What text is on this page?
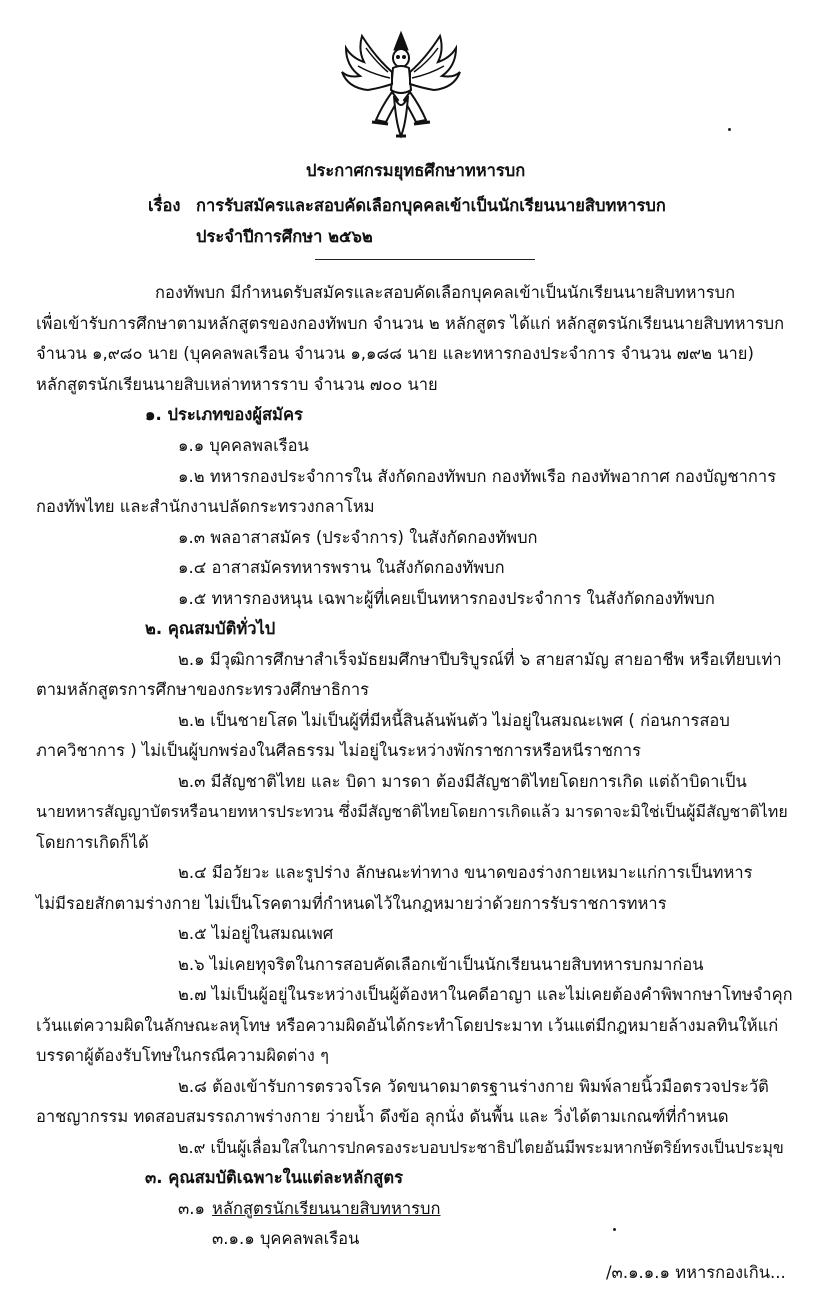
ประกาศกรมยุทธศึกษาทหารบก
เรื่อง การรับสมัครและสอบคัดเลือกบุคคลเข้าเป็นนักเรียนนายสิบทหารบก
ประจำปีการศึกษา ๒๕๖๒
กองทัพบก มีกำหนดรับสมัครและสอบคัดเลือกบุคคลเข้าเป็นนักเรียนนายสิบทหารบก
เพื่อเข้ารับการศึกษาตามหลักสูตรของกองทัพบก จำนวน ๒ หลักสูตร ได้แก่ หลักสูตรนักเรียนนายสิบทหารบก
จำนวน ๑,๙๘๐ นาย (บุคคลพลเรือน จำนวน ๑,๑๘๘ นาย และทหารกองประจำการ จำนวน ๗๙๒ นาย)
หลักสูตรนักเรียนนายสิบเหล่าทหารราบ จำนวน ๗๐๐ นาย
๑. ประเภทของผู้สมัคร
๑.๑ บุคคลพลเรือน
๑.๒ ทหารกองประจำการใน สังกัดกองทัพบก กองทัพเรือ กองทัพอากาศ กองบัญชาการ
กองทัพไทย และสำนักงานปลัดกระทรวงกลาโหม
๑.๓ พลอาสาสมัคร (ประจำการ) ในสังกัดกองทัพบก
๑.๔ อาสาสมัครทหารพราน ในสังกัดกองทัพบก
๑.๕ ทหารกองหนุน เฉพาะผู้ที่เคยเป็นทหารกองประจำการ ในสังกัดกองทัพบก
๒. คุณสมบัติทั่วไป
๒.๑ มีวุฒิการศึกษาสำเร็จมัธยมศึกษาปีบริบูรณ์ที่ ๖ สายสามัญ สายอาชีพ หรือเทียบเท่า
ตามหลักสูตรการศึกษาของกระทรวงศึกษาธิการ
๒.๒ เป็นชายโสด ไม่เป็นผู้ที่มีหนี้สินล้นพ้นตัว ไม่อยู่ในสมณะเพศ ( ก่อนการสอบ
ภาควิชาการ ) ไม่เป็นผู้บกพร่องในศีลธรรม ไม่อยู่ในระหว่างพักราชการหรือหนีราชการ
๒.๓ มีสัญชาติไทย และ บิดา มารดา ต้องมีสัญชาติไทยโดยการเกิด แต่ถ้าบิดาเป็น
นายทหารสัญญาบัตรหรือนายทหารประทวน ซึ่งมีสัญชาติไทยโดยการเกิดแล้ว มารดาจะมิใช่เป็นผู้มีสัญชาติไทย
โดยการเกิดก็ได้
๒.๔ มีอวัยวะ และรูปร่าง ลักษณะท่าทาง ขนาดของร่างกายเหมาะแก่การเป็นทหาร
ไม่มีรอยสักตามร่างกาย ไม่เป็นโรคตามที่กำหนดไว้ในกฎหมายว่าด้วยการรับราชการทหาร
๒.๕ ไม่อยู่ในสมณเพศ
๒.๖ ไม่เคยทุจริตในการสอบคัดเลือกเข้าเป็นนักเรียนนายสิบทหารบกมาก่อน
๒.๗ ไม่เป็นผู้อยู่ในระหว่างเป็นผู้ต้องหาในคดีอาญา และไม่เคยต้องคำพิพากษาโทษจำคุก
เว้นแต่ความผิดในลักษณะลหุโทษ หรือความผิดอันได้กระทำโดยประมาท เว้นแต่มีกฎหมายล้างมลทินให้แก่
บรรดาผู้ต้องรับโทษในกรณีความผิดต่าง ๆ
๒.๘ ต้องเข้ารับการตรวจโรค วัดขนาดมาตรฐานร่างกาย พิมพ์ลายนิ้วมือตรวจประวัติ
อาชญากรรม ทดสอบสมรรถภาพร่างกาย ว่ายน้ำ ดึงข้อ ลุกนั่ง ดันพื้น และ วิ่งได้ตามเกณฑ์ที่กำหนด
๒.๙ เป็นผู้เลื่อมใสในการปกครองระบอบประชาธิปไตยอันมีพระมหากษัตริย์ทรงเป็นประมุข
๓. คุณสมบัติเฉพาะในแต่ละหลักสูตร
๓.๑ หลักสูตรนักเรียนนายสิบทหารบก
๓.๑.๑ บุคคลพลเรือน
/๓.๑.๑.๑ ทหารกองเกิน...
